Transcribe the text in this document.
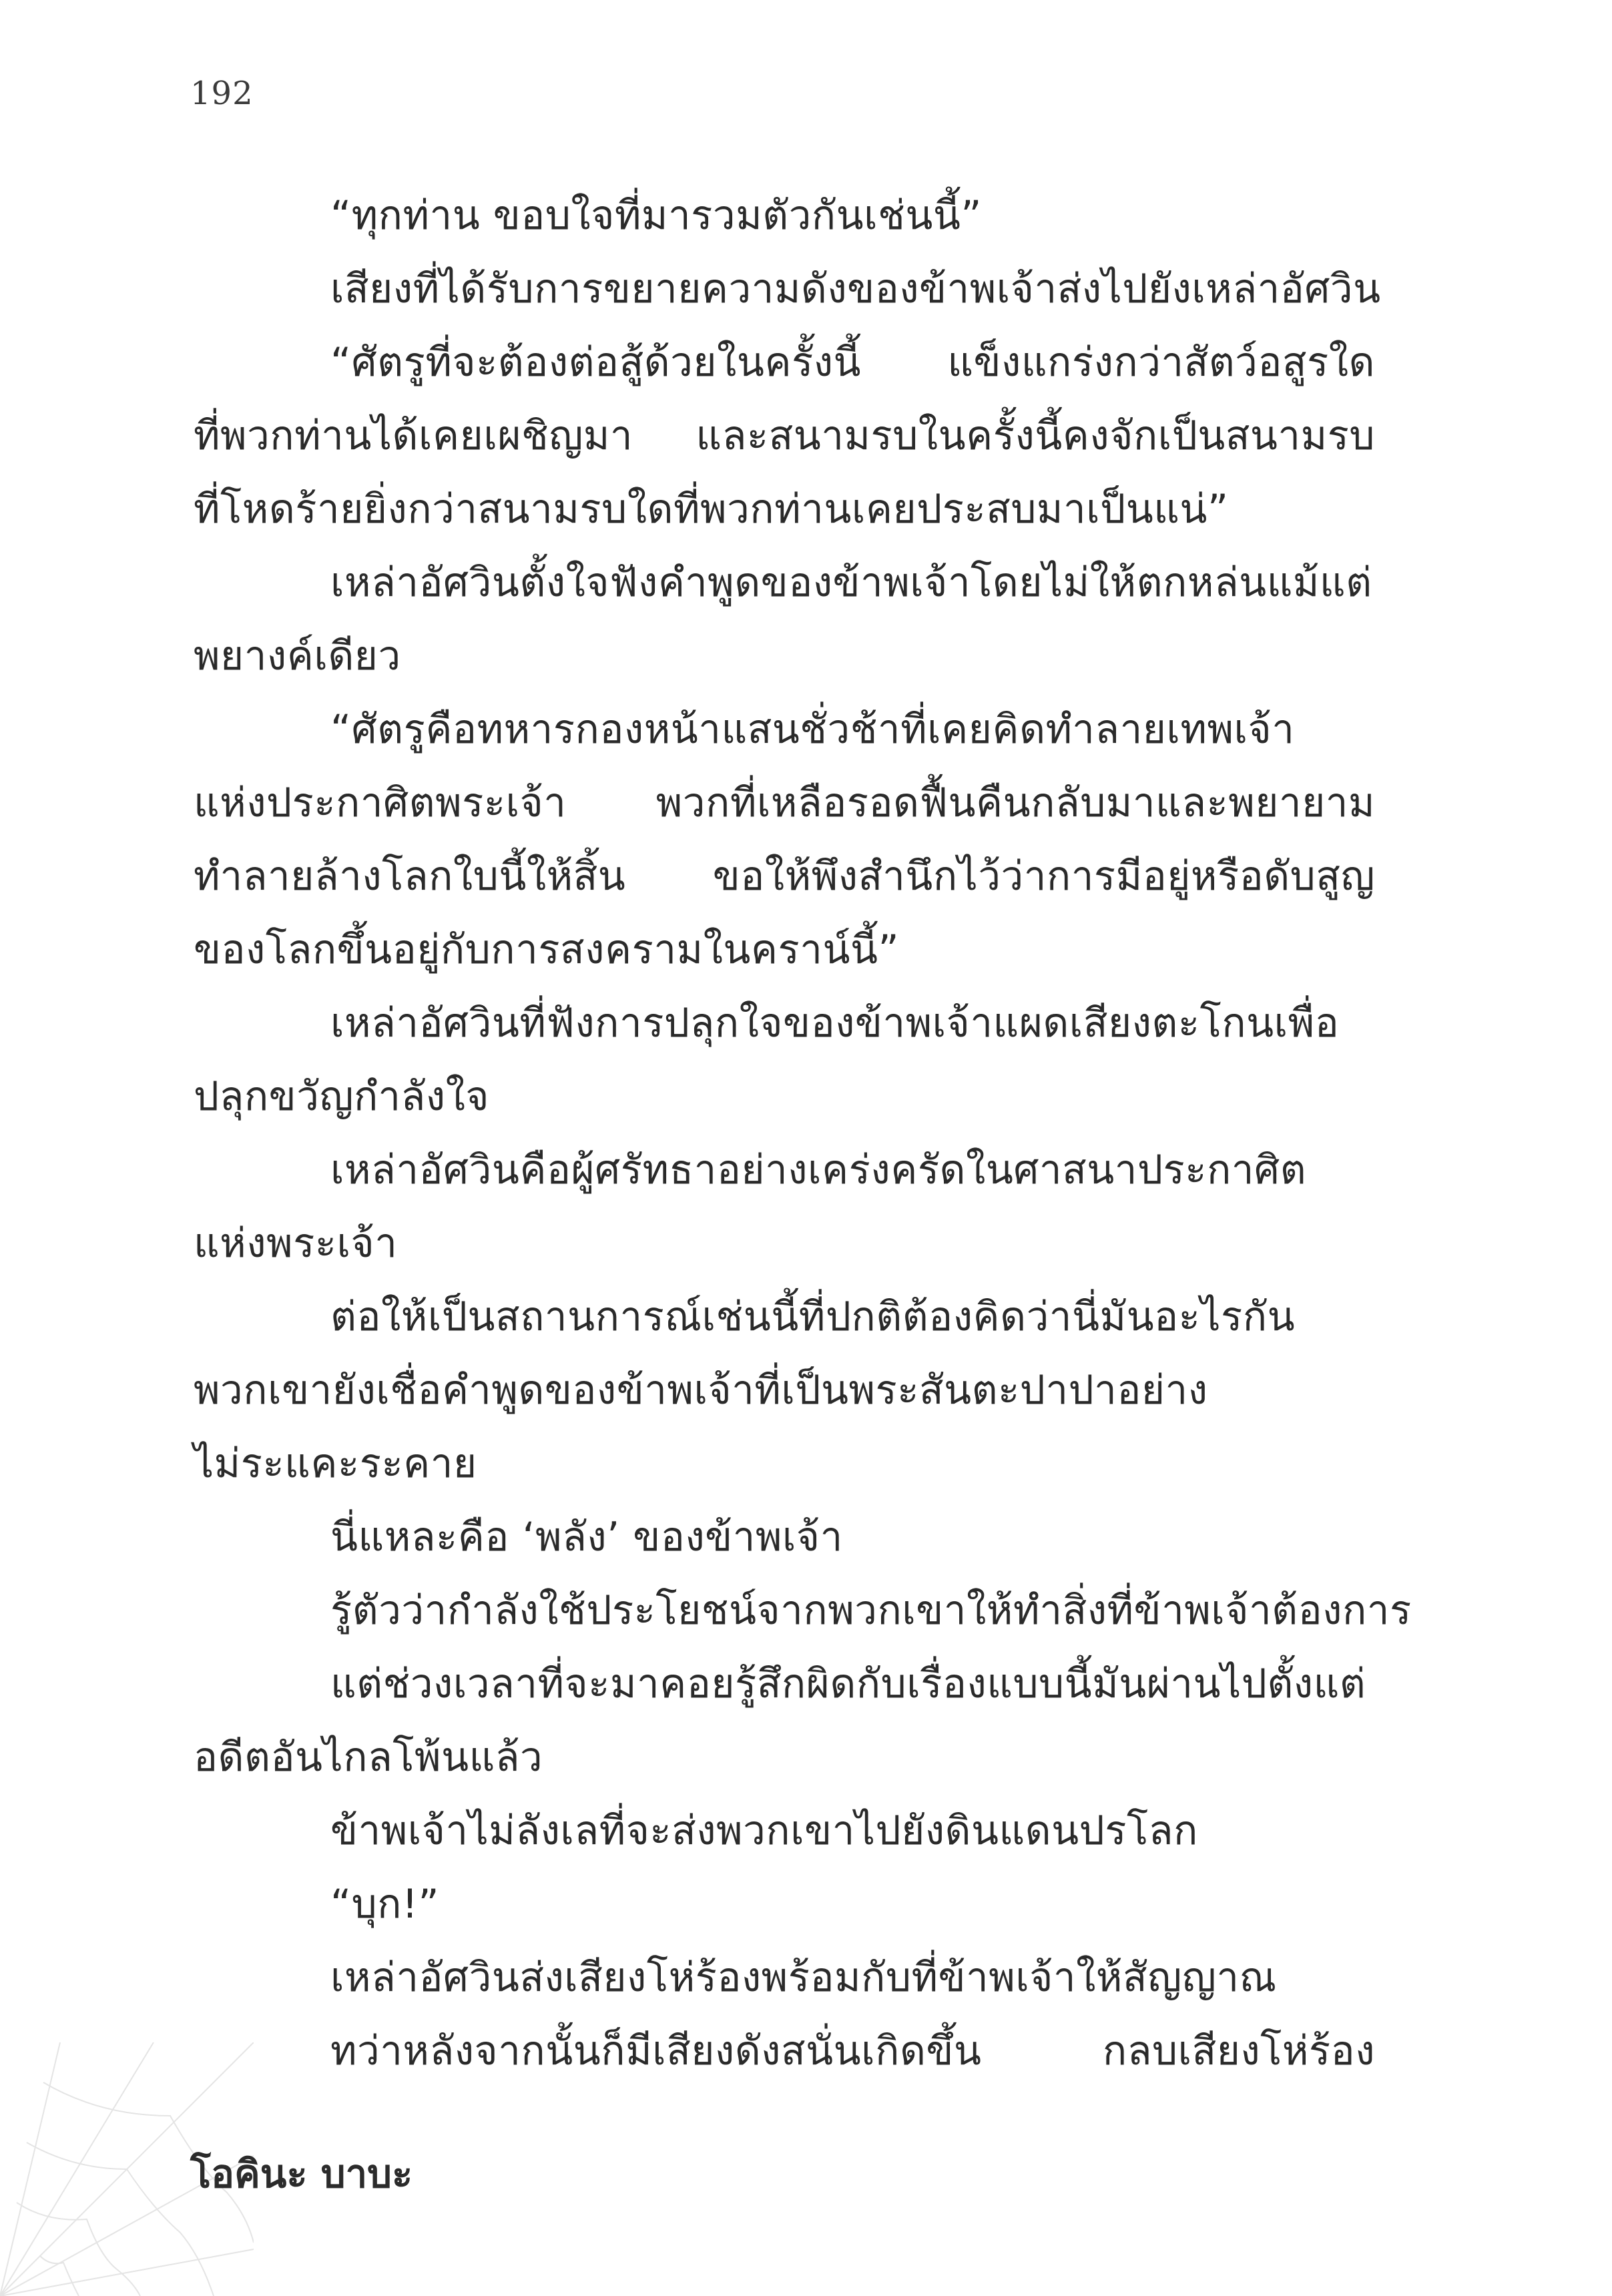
192
“ทุกท่าน ขอบใจที่มารวมตัวกันเช่นนี้”
เสียงที่ได้รับการขยายความดังของข้าพเจ้าส่งไปยังเหล่าอัศวิน
“ศัตรูที่จะต้องต่อสู้ด้วยในครั้งนี้ แข็งแกร่งกว่าสัตว์อสูรใด
ที่พวกท่านได้เคยเผชิญมา และสนามรบในครั้งนี้คงจักเป็นสนามรบ
ที่โหดร้ายยิ่งกว่าสนามรบใดที่พวกท่านเคยประสบมาเป็นแน่”
เหล่าอัศวินตั้งใจฟังคำพูดของข้าพเจ้าโดยไม่ให้ตกหล่นแม้แต่
พยางค์เดียว
“ศัตรูคือทหารกองหน้าแสนชั่วช้าที่เคยคิดทำลายเทพเจ้า
แห่งประกาศิตพระเจ้า พวกที่เหลือรอดฟื้นคืนกลับมาและพยายาม
ทำลายล้างโลกใบนี้ให้สิ้น ขอให้พึงสำนึกไว้ว่าการมีอยู่หรือดับสูญ
ของโลกขึ้นอยู่กับการสงครามในคราน์นี้”
เหล่าอัศวินที่ฟังการปลุกใจของข้าพเจ้าแผดเสียงตะโกนเพื่อ
ปลุกขวัญกำลังใจ
เหล่าอัศวินคือผู้ศรัทธาอย่างเคร่งครัดในศาสนาประกาศิต
แห่งพระเจ้า
ต่อให้เป็นสถานการณ์เช่นนี้ที่ปกติต้องคิดว่านี่มันอะไรกัน
พวกเขายังเชื่อคำพูดของข้าพเจ้าที่เป็นพระสันตะปาปาอย่าง
ไม่ระแคะระคาย
นี่แหละคือ ‘พลัง’ ของข้าพเจ้า
รู้ตัวว่ากำลังใช้ประโยชน์จากพวกเขาให้ทำสิ่งที่ข้าพเจ้าต้องการ
แต่ช่วงเวลาที่จะมาคอยรู้สึกผิดกับเรื่องแบบนี้มันผ่านไปตั้งแต่
อดีตอันไกลโพ้นแล้ว
ข้าพเจ้าไม่ลังเลที่จะส่งพวกเขาไปยังดินแดนปรโลก
“บุก!”
เหล่าอัศวินส่งเสียงโห่ร้องพร้อมกับที่ข้าพเจ้าให้สัญญาณ
ทว่าหลังจากนั้นก็มีเสียงดังสนั่นเกิดขึ้น กลบเสียงโห่ร้อง
โอคินะ บาบะ
